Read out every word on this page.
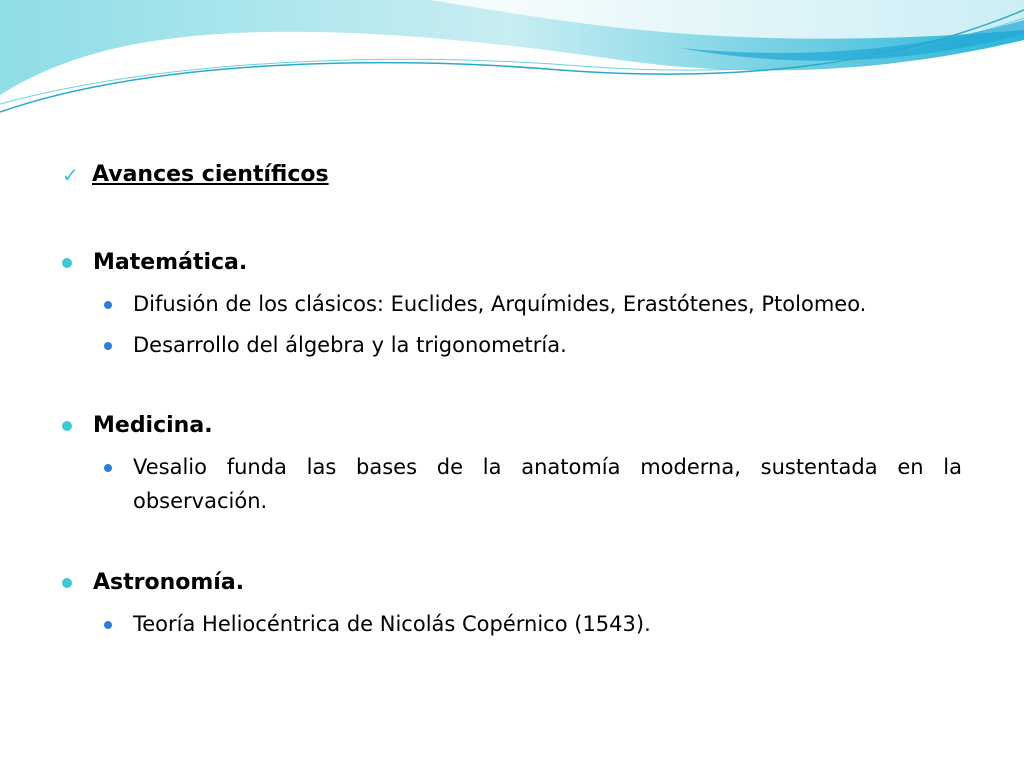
✓ Avances científicos
Matemática.
Difusión de los clásicos: Euclides, Arquímides, Erastótenes, Ptolomeo.
Desarrollo del álgebra y la trigonometría.
Medicina.
Vesalio funda las bases de la anatomía moderna, sustentada en la observación.
Astronomía.
Teoría Heliocéntrica de Nicolás Copérnico (1543).
